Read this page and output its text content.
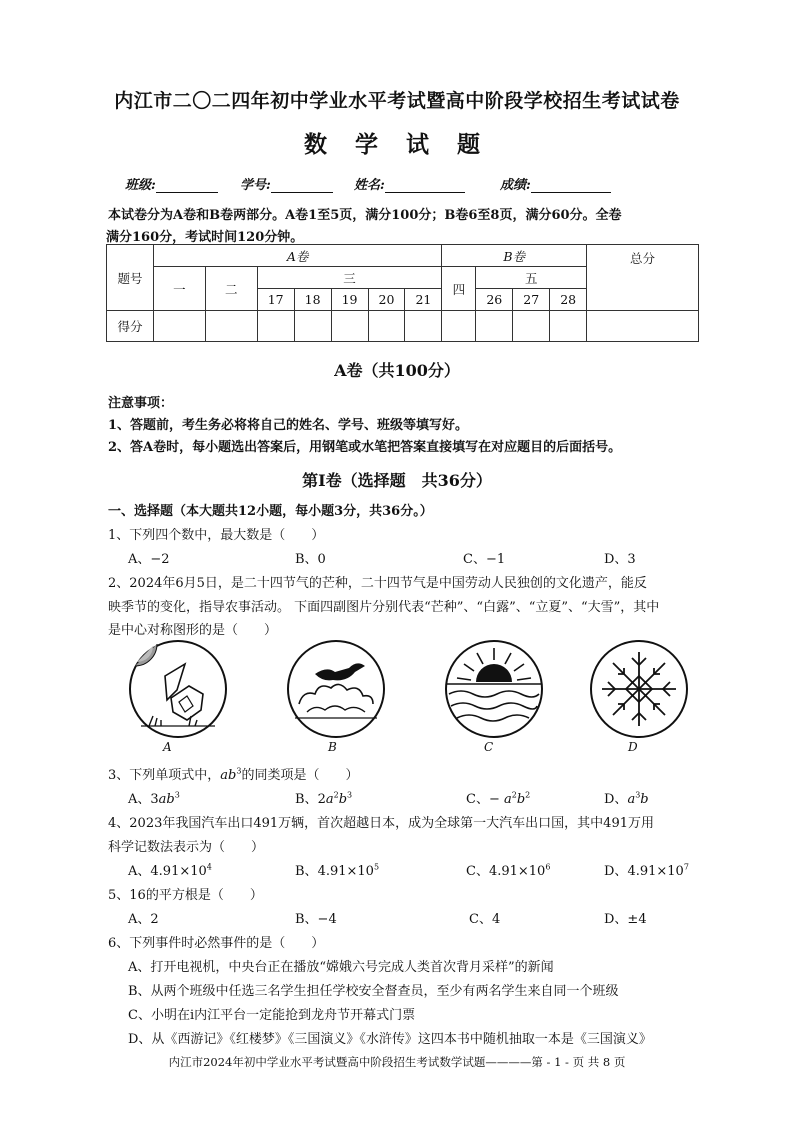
内江市二〇二四年初中学业水平考试暨高中阶段学校招生考试试卷
数 学 试 题
班级:	学号:	姓名:	成绩:
本试卷分为A卷和B卷两部分。A卷1至5页，满分100分；B卷6至8页，满分60分。全卷
满分160分，考试时间120分钟。
题号	A卷							B卷				总分
	一	二	三					四	五			
			17	18	19	20	21		26	27	28	
得分												
A卷（共100分）
注意事项：
1、答题前，考生务必将将自己的姓名、学号、班级等填写好。
2、答A卷时，每小题选出答案后，用钢笔或水笔把答案直接填写在对应题目的后面括号。
第Ⅰ卷（选择题　共36分）
一、选择题（本大题共12小题，每小题3分，共36分。）
1、下列四个数中，最大数是（　　）
A、−2	B、0	C、−1	D、3
2、2024年6月5日，是二十四节气的芒种，二十四节气是中国劳动人民独创的文化遗产，能反
映季节的变化，指导农事活动。 下面四副图片分别代表“芒种”、“白露”、“立夏”、“大雪”，其中
是中心对称图形的是（　　）
A	B	C	D
3、下列单项式中，$ab^3$的同类项是（　　）
A、$3ab^3$	B、$2a^2b^3$	C、− $a^2b^2$	D、$a^3b$
4、2023年我国汽车出口491万辆，首次超越日本，成为全球第一大汽车出口国，其中491万用
科学记数法表示为（　　）
A、$4.91\times 10^4$	B、$4.91\times 10^5$	C、$4.91\times 10^6$	D、$4.91\times 10^7$
5、16的平方根是（　　）
A、2	B、−4	C、4	D、±4
6、下列事件时必然事件的是（　　）
A、打开电视机，中央台正在播放“嫦娥六号完成人类首次背月采样”的新闻
B、从两个班级中任选三名学生担任学校安全督查员，至少有两名学生来自同一个班级
C、小明在i内江平台一定能抢到龙舟节开幕式门票
D、从《西游记》《红楼梦》《三国演义》《水浒传》这四本书中随机抽取一本是《三国演义》
内江市2024年初中学业水平考试暨高中阶段招生考试数学试题————第 - 1 - 页 共 8 页
